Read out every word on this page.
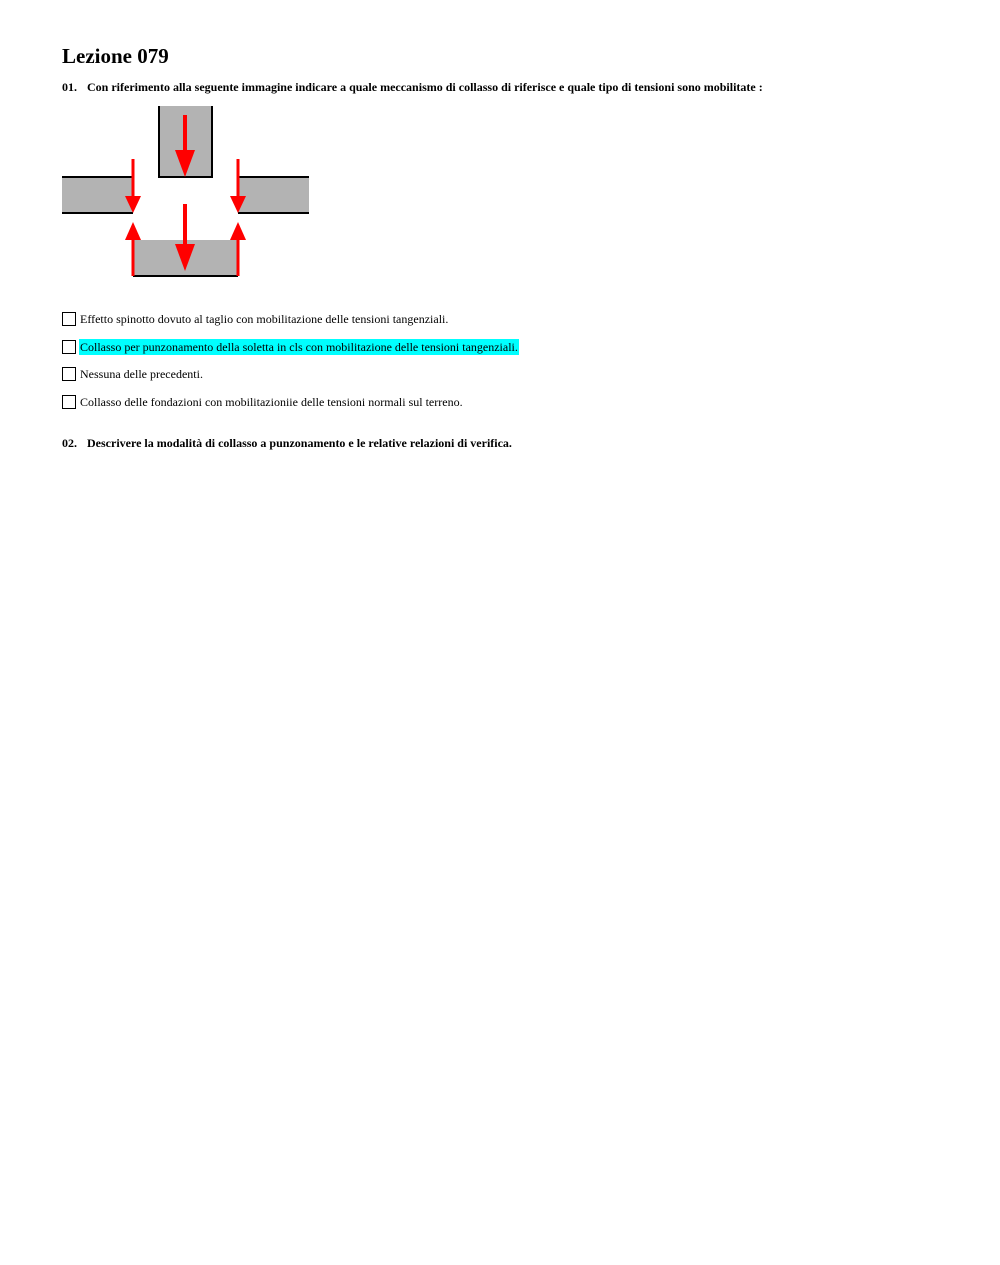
Lezione 079
01. Con riferimento alla seguente immagine indicare a quale meccanismo di collasso di riferisce e quale tipo di tensioni sono mobilitate :
Effetto spinotto dovuto al taglio con mobilitazione delle tensioni tangenziali.
Collasso per punzonamento della soletta in cls con mobilitazione delle tensioni tangenziali.
Nessuna delle precedenti.
Collasso delle fondazioni con mobilitazioniie delle tensioni normali sul terreno.
02. Descrivere la modalità di collasso a punzonamento e le relative relazioni di verifica.
